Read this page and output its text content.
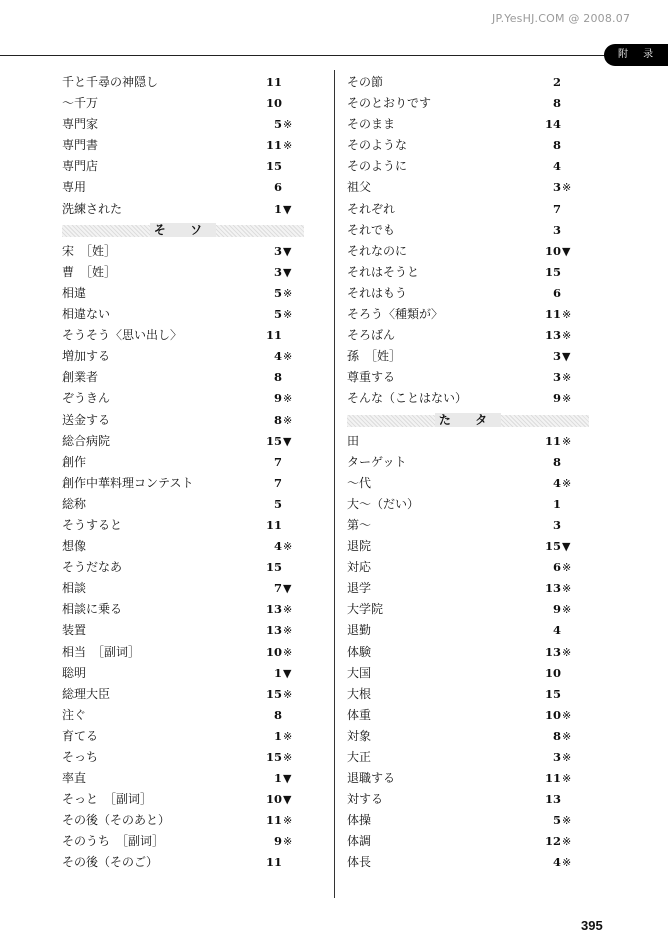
JP.YesHJ.COM @ 2008.07
附 录
千と千尋の神隠し	11
～千万	10
専門家	5 ※
専門書	11 ※
専門店	15
専用	6
洗練された	1 ▼
そ ソ
宋　［姓］	3 ▼
曹　［姓］	3 ▼
相違	5 ※
相違ない	5 ※
そうそう〈思い出し〉	11
増加する	4 ※
創業者	8
ぞうきん	9 ※
送金する	8 ※
総合病院	15 ▼
創作	7
創作中華料理コンテスト	7
総称	5
そうすると	11
想像	4 ※
そうだなあ	15
相談	7 ▼
相談に乗る	13 ※
装置	13 ※
相当　［副词］	10 ※
聡明	1 ▼
総理大臣	15 ※
注ぐ	8
育てる	1 ※
そっち	15 ※
率直	1 ▼
そっと　［副词］	10 ▼
その後（そのあと）	11 ※
そのうち　［副词］	9 ※
その後（そのご）	11
その節	2
そのとおりです	8
そのまま	14
そのような	8
そのように	4
祖父	3 ※
それぞれ	7
それでも	3
それなのに	10 ▼
それはそうと	15
それはもう	6
そろう〈種類が〉	11 ※
そろばん	13 ※
孫　［姓］	3 ▼
尊重する	3 ※
そんな（ことはない）	9 ※
た タ
田	11 ※
ターゲット	8
～代	4 ※
大～（だい）	1
第～	3
退院	15 ▼
対応	6 ※
退学	13 ※
大学院	9 ※
退勤	4
体験	13 ※
大国	10
大根	15
体重	10 ※
対象	8 ※
大正	3 ※
退職する	11 ※
対する	13
体操	5 ※
体調	12 ※
体長	4 ※
395
